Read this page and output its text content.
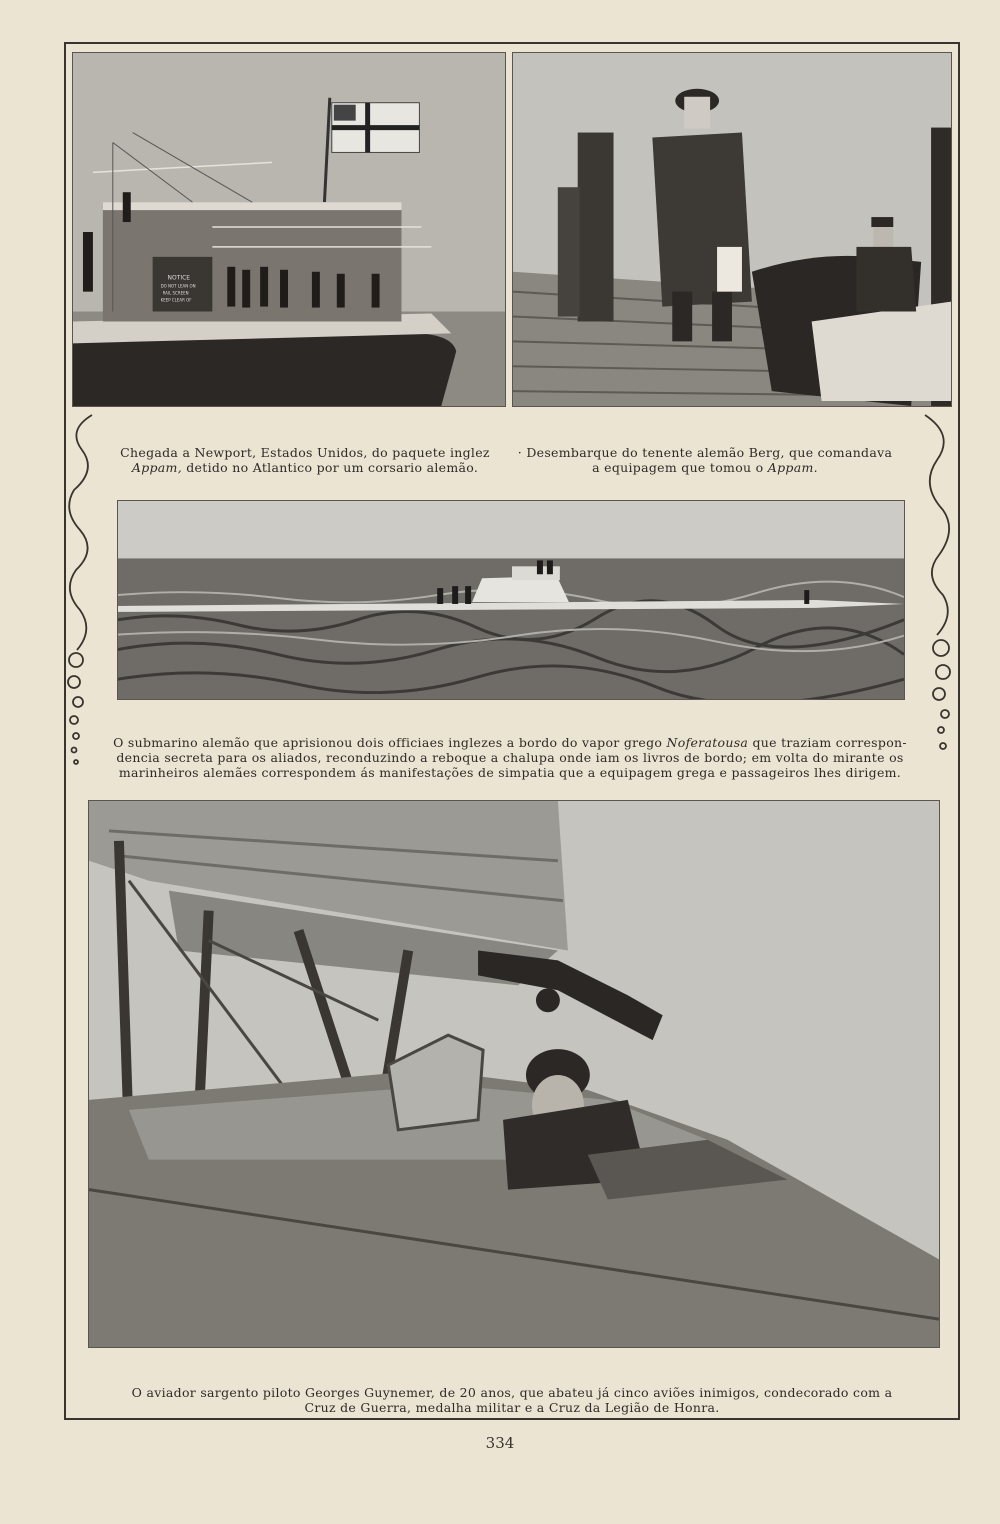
NOTICE
DO NOT LEAN ON
RAIL SCREEN
KEEP CLEAR OF
Chegada a Newport, Estados Unidos, do paquete inglez
Appam, detido no Atlantico por um corsario alemão.
· Desembarque do tenente alemão Berg, que comandava
a equipagem que tomou o Appam.
O submarino alemão que aprisionou dois officiaes inglezes a bordo do vapor grego Noferatousa que traziam correspon-
dencia secreta para os aliados, reconduzindo a reboque a chalupa onde iam os livros de bordo; em volta do mirante os
marinheiros alemães correspondem ás manifestações de simpatia que a equipagem grega e passageiros lhes dirigem.
O aviador sargento piloto Georges Guynemer, de 20 anos, que abateu já cinco aviões inimigos, condecorado com a
Cruz de Guerra, medalha militar e a Cruz da Legião de Honra.
334
